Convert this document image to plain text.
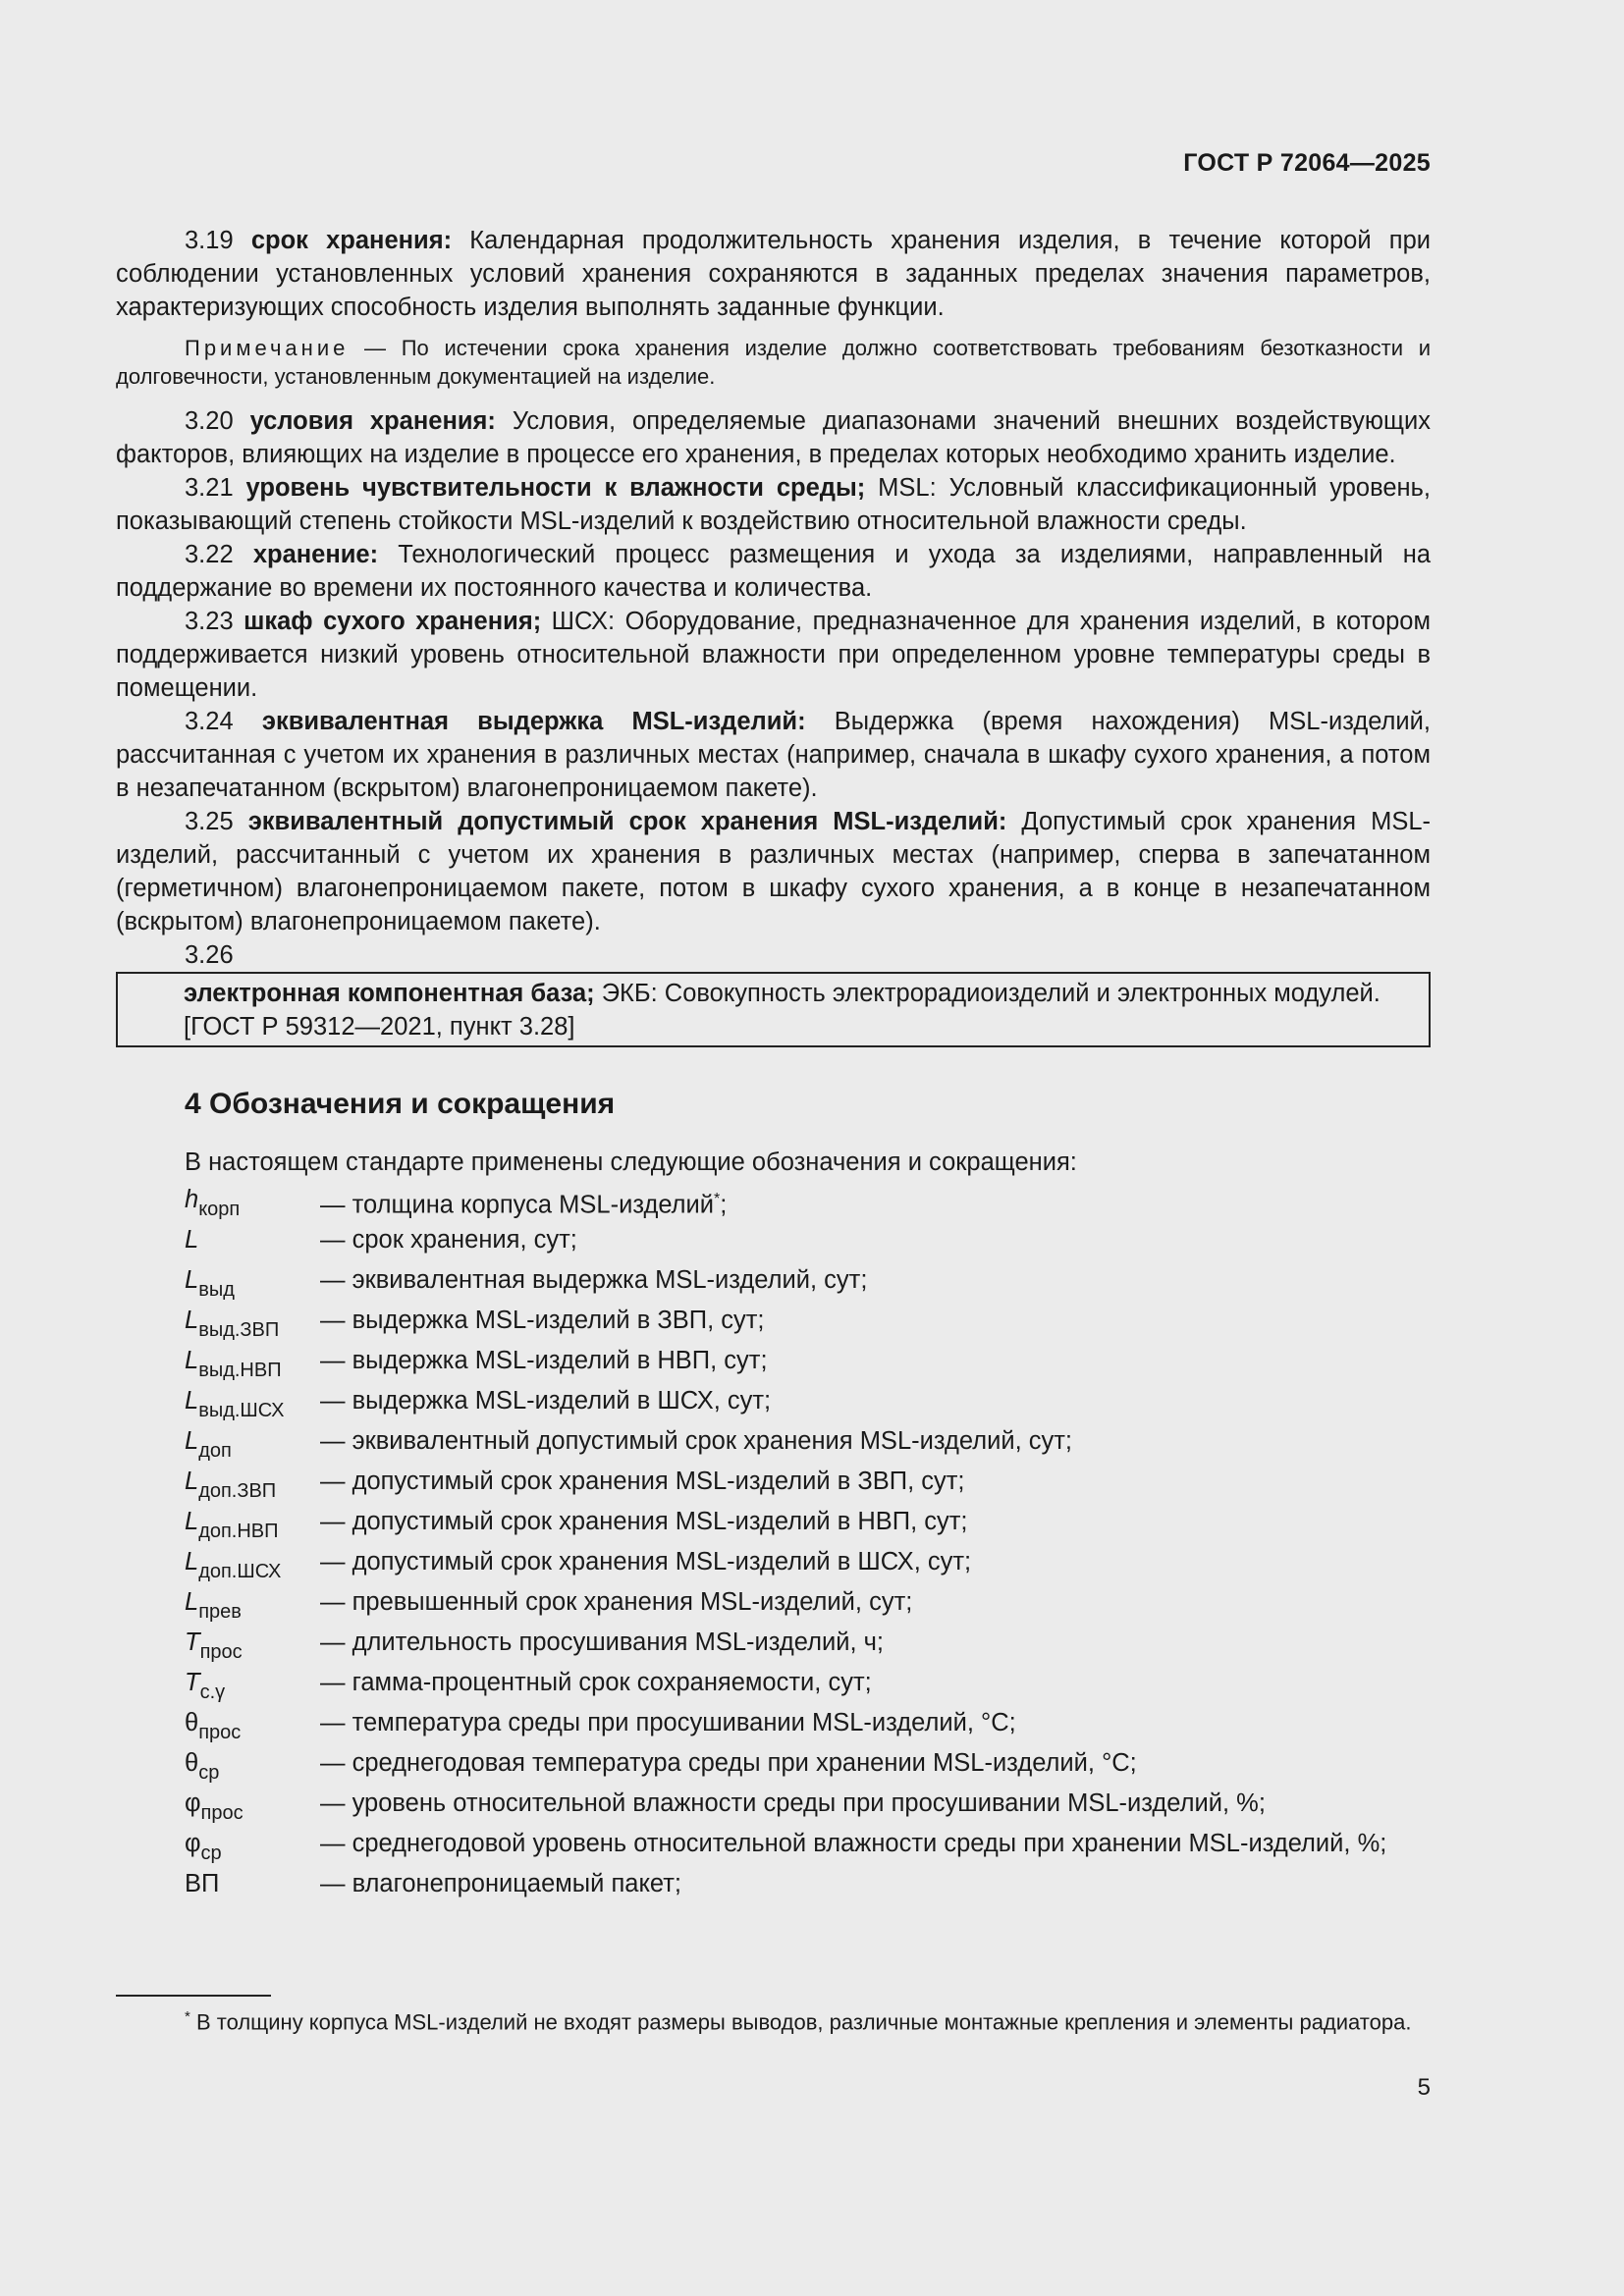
ГОСТ Р 72064—2025

3.19 срок хранения: Календарная продолжительность хранения изделия, в течение которой при соблюдении установленных условий хранения сохраняются в заданных пределах значения параметров, характеризующих способность изделия выполнять заданные функции.

Примечание — По истечении срока хранения изделие должно соответствовать требованиям безотказности и долговечности, установленным документацией на изделие.

3.20 условия хранения: Условия, определяемые диапазонами значений внешних воздействующих факторов, влияющих на изделие в процессе его хранения, в пределах которых необходимо хранить изделие.

3.21 уровень чувствительности к влажности среды; MSL: Условный классификационный уровень, показывающий степень стойкости MSL-изделий к воздействию относительной влажности среды.

3.22 хранение: Технологический процесс размещения и ухода за изделиями, направленный на поддержание во времени их постоянного качества и количества.

3.23 шкаф сухого хранения; ШСХ: Оборудование, предназначенное для хранения изделий, в котором поддерживается низкий уровень относительной влажности при определенном уровне температуры среды в помещении.

3.24 эквивалентная выдержка MSL-изделий: Выдержка (время нахождения) MSL-изделий, рассчитанная с учетом их хранения в различных местах (например, сначала в шкафу сухого хранения, а потом в незапечатанном (вскрытом) влагонепроницаемом пакете).

3.25 эквивалентный допустимый срок хранения MSL-изделий: Допустимый срок хранения MSL-изделий, рассчитанный с учетом их хранения в различных местах (например, сперва в запечатанном (герметичном) влагонепроницаемом пакете, потом в шкафу сухого хранения, а в конце в незапечатанном (вскрытом) влагонепроницаемом пакете).

3.26

электронная компонентная база; ЭКБ: Совокупность электрорадиоизделий и электронных модулей.

[ГОСТ Р 59312—2021, пункт 3.28]
4 Обозначения и сокращения

В настоящем стандарте применены следующие обозначения и сокращения:

$h_{корп}$	— толщина корпуса MSL-изделий*;
L	— срок хранения, сут;
$L_{выд}$	— эквивалентная выдержка MSL-изделий, сут;
$L_{выд.ЗВП}$	— выдержка MSL-изделий в ЗВП, сут;
$L_{выд.НВП}$	— выдержка MSL-изделий в НВП, сут;
$L_{выд.ШСХ}$	— выдержка MSL-изделий в ШСХ, сут;
$L_{доп}$	— эквивалентный допустимый срок хранения MSL-изделий, сут;
$L_{доп.ЗВП}$	— допустимый срок хранения MSL-изделий в ЗВП, сут;
$L_{доп.НВП}$	— допустимый срок хранения MSL-изделий в НВП, сут;
$L_{доп.ШСХ}$	— допустимый срок хранения MSL-изделий в ШСХ, сут;
$L_{прев}$	— превышенный срок хранения MSL-изделий, сут;
$T_{прос}$	— длительность просушивания MSL-изделий, ч;
$T_{с.\gamma}$	— гамма-процентный срок сохраняемости, сут;
$\theta_{прос}$	— температура среды при просушивании MSL-изделий, °С;
$\theta_{ср}$	— среднегодовая температура среды при хранении MSL-изделий, °С;
$\varphi_{прос}$	— уровень относительной влажности среды при просушивании MSL-изделий, %;
$\varphi_{ср}$	— среднегодовой уровень относительной влажности среды при хранении MSL-изделий, %;
ВП	— влагонепроницаемый пакет;
* В толщину корпуса MSL-изделий не входят размеры выводов, различные монтажные крепления и элементы радиатора.
5
